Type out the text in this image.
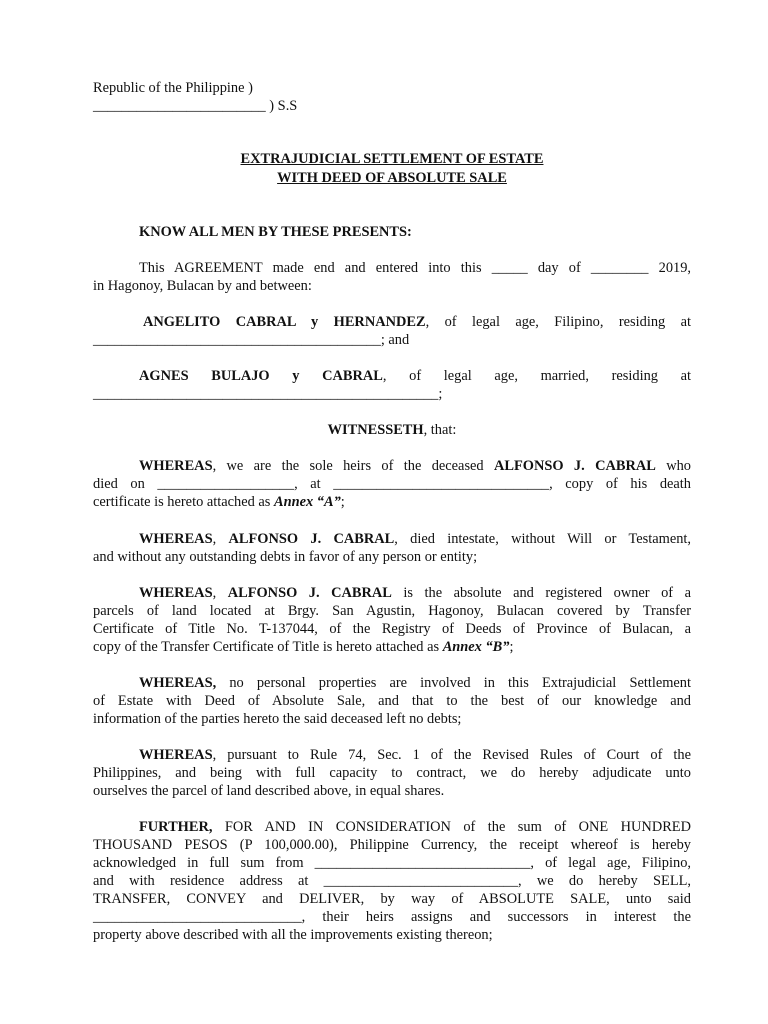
Republic of the Philippine )
________________________ ) S.S
EXTRAJUDICIAL SETTLEMENT OF ESTATE
WITH DEED OF ABSOLUTE SALE
KNOW ALL MEN BY THESE PRESENTS:
This AGREEMENT made end and entered into this _____ day of ________ 2019,
in Hagonoy, Bulacan by and between:
ANGELITO CABRAL y HERNANDEZ, of legal age, Filipino, residing at
________________________________________; and
AGNES BULAJO y CABRAL, of legal age, married, residing at
________________________________________________;
WITNESSETH, that:
WHEREAS, we are the sole heirs of the deceased ALFONSO J. CABRAL who
died on ___________________, at ______________________________, copy of his death
certificate is hereto attached as Annex “A”;
WHEREAS, ALFONSO J. CABRAL, died intestate, without Will or Testament,
and without any outstanding debts in favor of any person or entity;
WHEREAS, ALFONSO J. CABRAL is the absolute and registered owner of a
parcels of land located at Brgy. San Agustin, Hagonoy, Bulacan covered by Transfer
Certificate of Title No. T-137044, of the Registry of Deeds of Province of Bulacan, a
copy of the Transfer Certificate of Title is hereto attached as Annex “B”;
WHEREAS, no personal properties are involved in this Extrajudicial Settlement
of Estate with Deed of Absolute Sale, and that to the best of our knowledge and
information of the parties hereto the said deceased left no debts;
WHEREAS, pursuant to Rule 74, Sec. 1 of the Revised Rules of Court of the
Philippines, and being with full capacity to contract, we do hereby adjudicate unto
ourselves the parcel of land described above, in equal shares.
FURTHER, FOR AND IN CONSIDERATION of the sum of ONE HUNDRED
THOUSAND PESOS (P 100,000.00), Philippine Currency, the receipt whereof is hereby
acknowledged in full sum from ______________________________, of legal age, Filipino,
and with residence address at ___________________________, we do hereby SELL,
TRANSFER, CONVEY and DELIVER, by way of ABSOLUTE SALE, unto said
_____________________________, their heirs assigns and successors in interest the
property above described with all the improvements existing thereon;
